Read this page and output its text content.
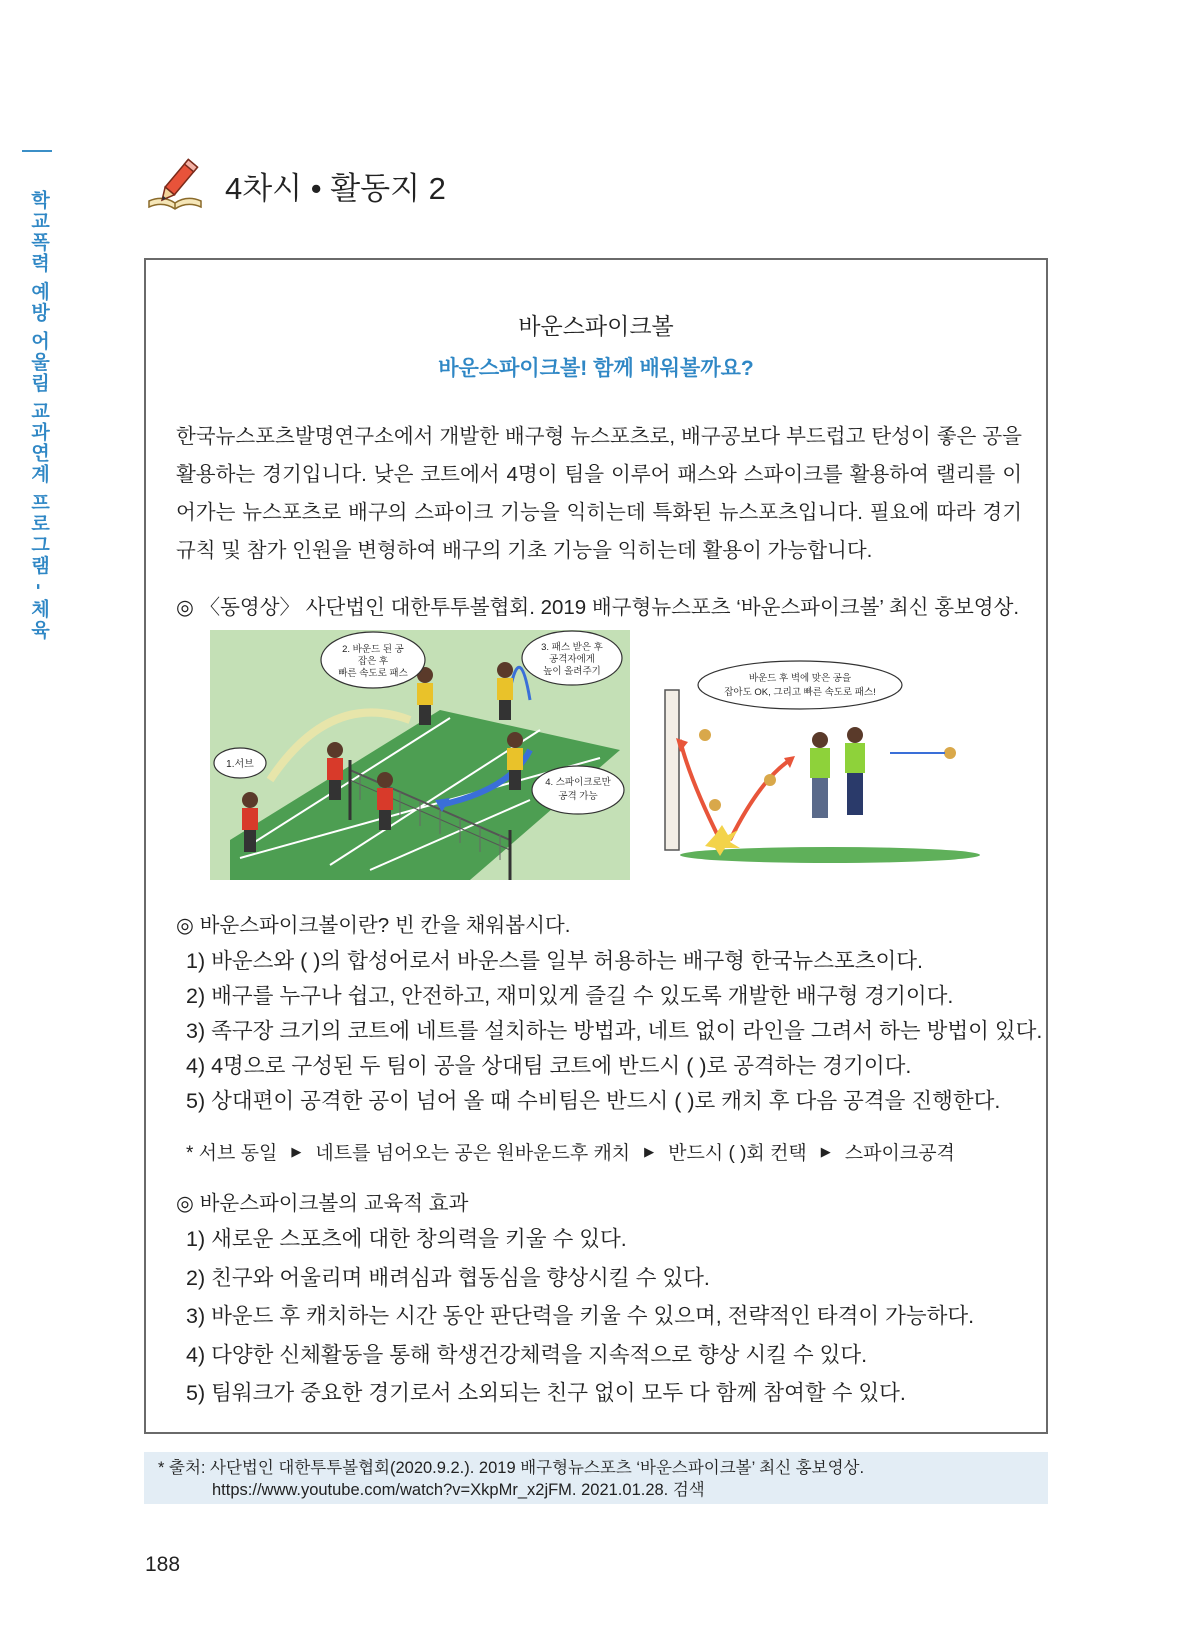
학교폭력 예방 어울림 교과연계 프로그램 - 체육
4차시 • 활동지 2
바운스파이크볼
바운스파이크볼! 함께 배워볼까요?
한국뉴스포츠발명연구소에서 개발한 배구형 뉴스포츠로, 배구공보다 부드럽고 탄성이 좋은 공을 활용하는 경기입니다. 낮은 코트에서 4명이 팀을 이루어 패스와 스파이크를 활용하여 랠리를 이어가는 뉴스포츠로 배구의 스파이크 기능을 익히는데 특화된 뉴스포츠입니다. 필요에 따라 경기 규칙 및 참가 인원을 변형하여 배구의 기초 기능을 익히는데 활용이 가능합니다.
◎ 〈동영상〉 사단법인 대한투투볼협회. 2019 배구형뉴스포츠 ‘바운스파이크볼’ 최신 홍보영상.
1.서브
2. 바운드 된 공
잡은 후
빠른 속도로 패스
3. 패스 받은 후
공격자에게
높이 올려주기
4. 스파이크로만
공격 가능
바운드 후 벽에 맞은 공을
잡아도 OK, 그리고 빠른 속도로 패스!
◎ 바운스파이크볼이란? 빈 칸을 채워봅시다.
1) 바운스와 ( )의 합성어로서 바운스를 일부 허용하는 배구형 한국뉴스포츠이다.
2) 배구를 누구나 쉽고, 안전하고, 재미있게 즐길 수 있도록 개발한 배구형 경기이다.
3) 족구장 크기의 코트에 네트를 설치하는 방법과, 네트 없이 라인을 그려서 하는 방법이 있다.
4) 4명으로 구성된 두 팀이 공을 상대팀 코트에 반드시 ( )로 공격하는 경기이다.
5) 상대편이 공격한 공이 넘어 올 때 수비팀은 반드시 ( )로 캐치 후 다음 공격을 진행한다.
* 서브 동일 ▶ 네트를 넘어오는 공은 원바운드후 캐치 ▶ 반드시 ( )회 컨택 ▶ 스파이크공격
◎ 바운스파이크볼의 교육적 효과
1) 새로운 스포츠에 대한 창의력을 키울 수 있다.
2) 친구와 어울리며 배려심과 협동심을 향상시킬 수 있다.
3) 바운드 후 캐치하는 시간 동안 판단력을 키울 수 있으며, 전략적인 타격이 가능하다.
4) 다양한 신체활동을 통해 학생건강체력을 지속적으로 향상 시킬 수 있다.
5) 팀워크가 중요한 경기로서 소외되는 친구 없이 모두 다 함께 참여할 수 있다.
* 출처: 사단법인 대한투투볼협회(2020.9.2.). 2019 배구형뉴스포츠 ‘바운스파이크볼’ 최신 홍보영상.
https://www.youtube.com/watch?v=XkpMr_x2jFM. 2021.01.28. 검색
188
